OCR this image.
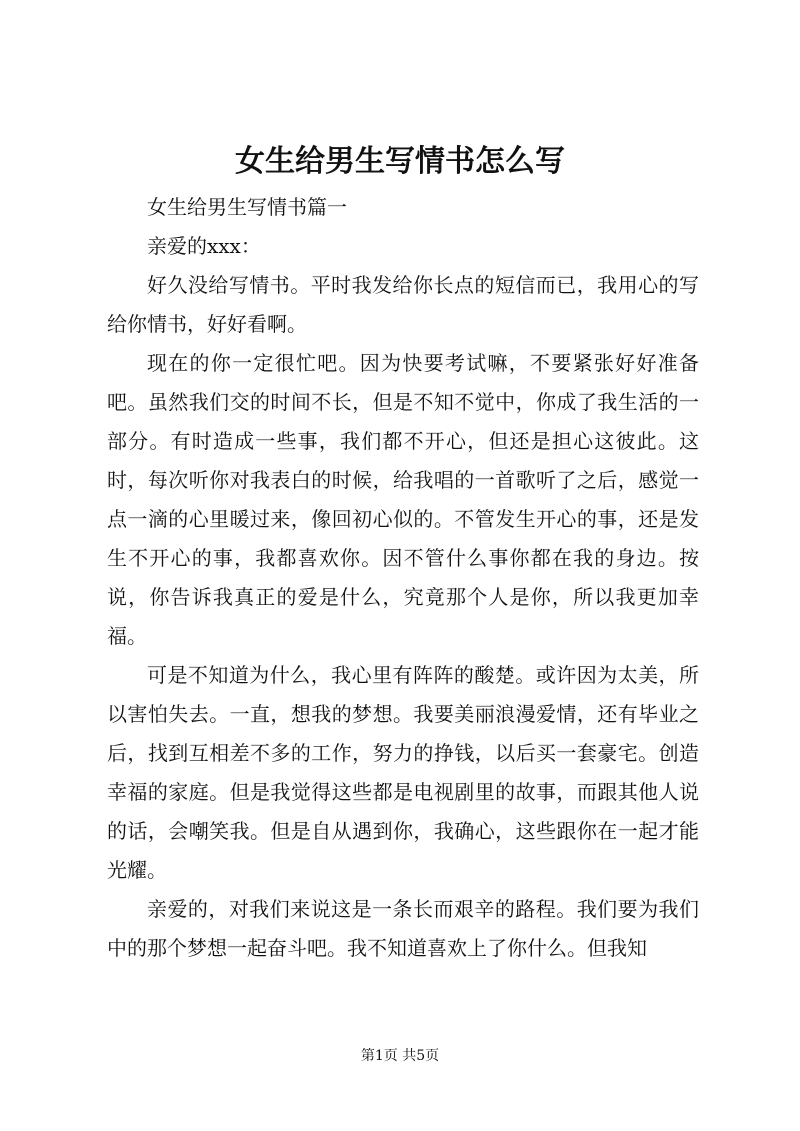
女生给男生写情书怎么写

女生给男生写情书篇一

亲爱的xxx：

好久没给写情书。平时我发给你长点的短信而已，我用心的写给你情书，好好看啊。

现在的你一定很忙吧。因为快要考试嘛，不要紧张好好准备吧。虽然我们交的时间不长，但是不知不觉中，你成了我生活的一部分。有时造成一些事，我们都不开心，但还是担心这彼此。这时，每次听你对我表白的时候，给我唱的一首歌听了之后，感觉一点一滴的心里暖过来，像回初心似的。不管发生开心的事，还是发生不开心的事，我都喜欢你。因不管什么事你都在我的身边。按说，你告诉我真正的爱是什么，究竟那个人是你，所以我更加幸福。

可是不知道为什么，我心里有阵阵的酸楚。或许因为太美，所以害怕失去。一直，想我的梦想。我要美丽浪漫爱情，还有毕业之后，找到互相差不多的工作，努力的挣钱，以后买一套豪宅。创造幸福的家庭。但是我觉得这些都是电视剧里的故事，而跟其他人说的话，会嘲笑我。但是自从遇到你，我确心，这些跟你在一起才能光耀。

亲爱的，对我们来说这是一条长而艰辛的路程。我们要为我们中的那个梦想一起奋斗吧。我不知道喜欢上了你什么。但我知

第1页 共5页
